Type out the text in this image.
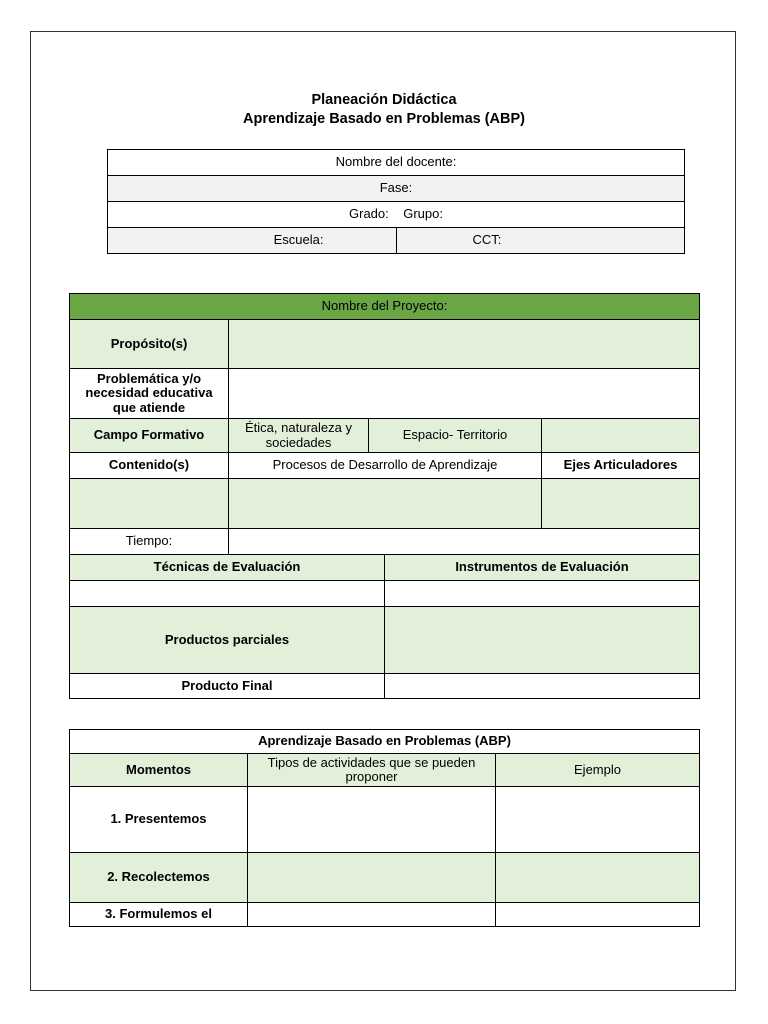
Planeación Didáctica
Aprendizaje Basado en Problemas (ABP)
Nombre del docente:
Fase:
Grado: Grupo:
Escuela:	CCT:
Nombre del Proyecto:				
Propósito(s)				
Problemática y/o necesidad educativa que atiende				
Campo Formativo	Ética, naturaleza y sociedades	Espacio- Territorio		
Contenido(s)	Procesos de Desarrollo de Aprendizaje			Ejes Articuladores

Tiempo:				
Técnicas de Evaluación			Instrumentos de Evaluación	

Productos parciales				
Producto Final				
Aprendizaje Basado en Problemas (ABP)		
Momentos	Tipos de actividades que se pueden proponer	Ejemplo
1. Presentemos		
2. Recolectemos		
3. Formulemos el		
